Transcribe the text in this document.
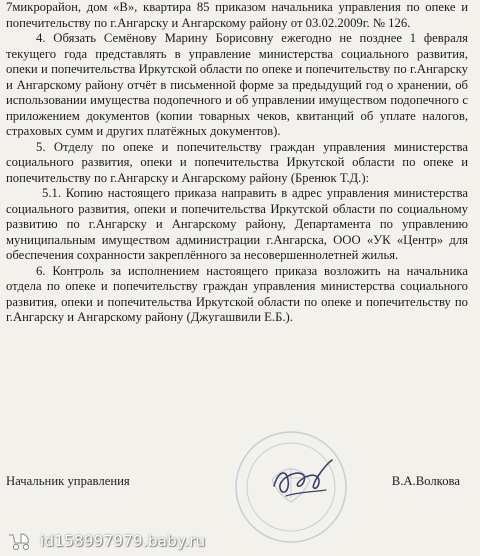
7микрорайон, дом «В», квартира 85 приказом начальника управления по опеке и попечительству по г.Ангарску и Ангарскому району от 03.02.2009г. № 126.

4. Обязать Семёнову Марину Борисовну ежегодно не позднее 1 февраля текущего года представлять в управление министерства социального развития, опеки и попечительства Иркутской области по опеке и попечительству по г.Ангарску и Ангарскому району отчёт в письменной форме за предыдущий год о хранении, об использовании имущества подопечного и об управлении имуществом подопечного с приложением документов (копии товарных чеков, квитанций об уплате налогов, страховых сумм и других платёжных документов).

5. Отделу по опеке и попечительству граждан управления министерства социального развития, опеки и попечительства Иркутской области по опеке и попечительству по г.Ангарску и Ангарскому району (Бренюк Т.Д.):

5.1. Копию настоящего приказа направить в адрес управления министерства социального развития, опеки и попечительства Иркутской области по социальному развитию по г.Ангарску и Ангарскому району, Департамента по управлению муниципальным имуществом администрации г.Ангарска, ООО «УК «Центр» для обеспечения сохранности закреплённого за несовершеннолетней жилья.

6. Контроль за исполнением настоящего приказа возложить на начальника отдела по опеке и попечительству граждан управления министерства социального развития, опеки и попечительства Иркутской области по опеке и попечительству по г.Ангарску и Ангарскому району (Джугашвили Е.Б.).

Начальник управления	В.А.Волкова
id158997979.baby.ru
